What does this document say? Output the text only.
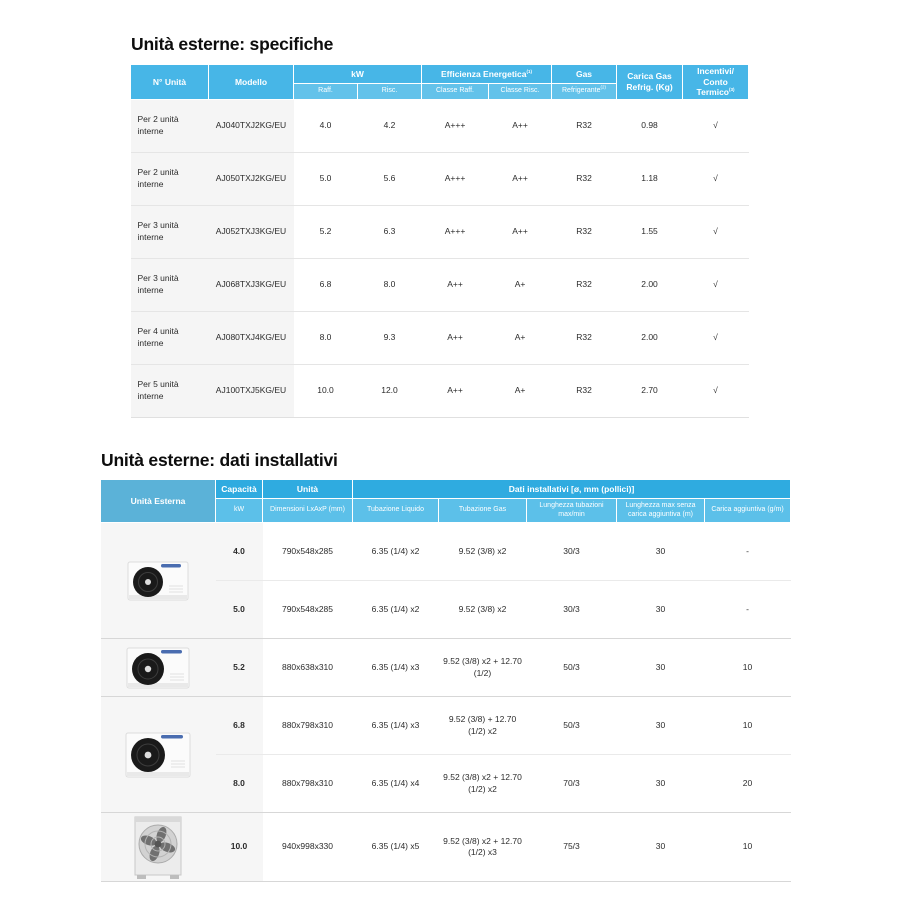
Unità esterne: specifiche
N° Unità	Modello	kW		Efficienza Energetica$^{(1)}$		Gas	Carica Gas
Refrig. (Kg)	Incentivi/
Conto Termico$^{(3)}$
		Raff.	Risc.	Classe Raff.	Classe Risc.	Refrigerante$^{(2)}$
Per 2 unità interne	AJ040TXJ2KG/EU	4.0	4.2	A+++	A++	R32	0.98	√
Per 2 unità interne	AJ050TXJ2KG/EU	5.0	5.6	A+++	A++	R32	1.18	√
Per 3 unità interne	AJ052TXJ3KG/EU	5.2	6.3	A+++	A++	R32	1.55	√
Per 3 unità interne	AJ068TXJ3KG/EU	6.8	8.0	A++	A+	R32	2.00	√
Per 4 unità interne	AJ080TXJ4KG/EU	8.0	9.3	A++	A+	R32	2.00	√
Per 5 unità interne	AJ100TXJ5KG/EU	10.0	12.0	A++	A+	R32	2.70	√
Unità esterne: dati installativi
Unità Esterna	Capacità	Unità	Dati installativi [ø, mm (pollici)]				
	kW	Dimensioni LxAxP (mm)	Tubazione Liquido	Tubazione Gas	Lunghezza tubazioni max/min	Lunghezza max senza carica aggiuntiva (m)	Carica aggiuntiva (g/m)

	4.0	790x548x285	6.35 (1/4) x2	9.52 (3/8) x2	30/3	30	-
	5.0	790x548x285	6.35 (1/4) x2	9.52 (3/8) x2	30/3	30	-

	5.2	880x638x310	6.35 (1/4) x3	9.52 (3/8) x2 + 12.70 (1/2)	50/3	30	10

	6.8	880x798x310	6.35 (1/4) x3	9.52 (3/8) + 12.70 (1/2) x2	50/3	30	10
	8.0	880x798x310	6.35 (1/4) x4	9.52 (3/8) x2 + 12.70 (1/2) x2	70/3	30	20

	10.0	940x998x330	6.35 (1/4) x5	9.52 (3/8) x2 + 12.70 (1/2) x3	75/3	30	10
